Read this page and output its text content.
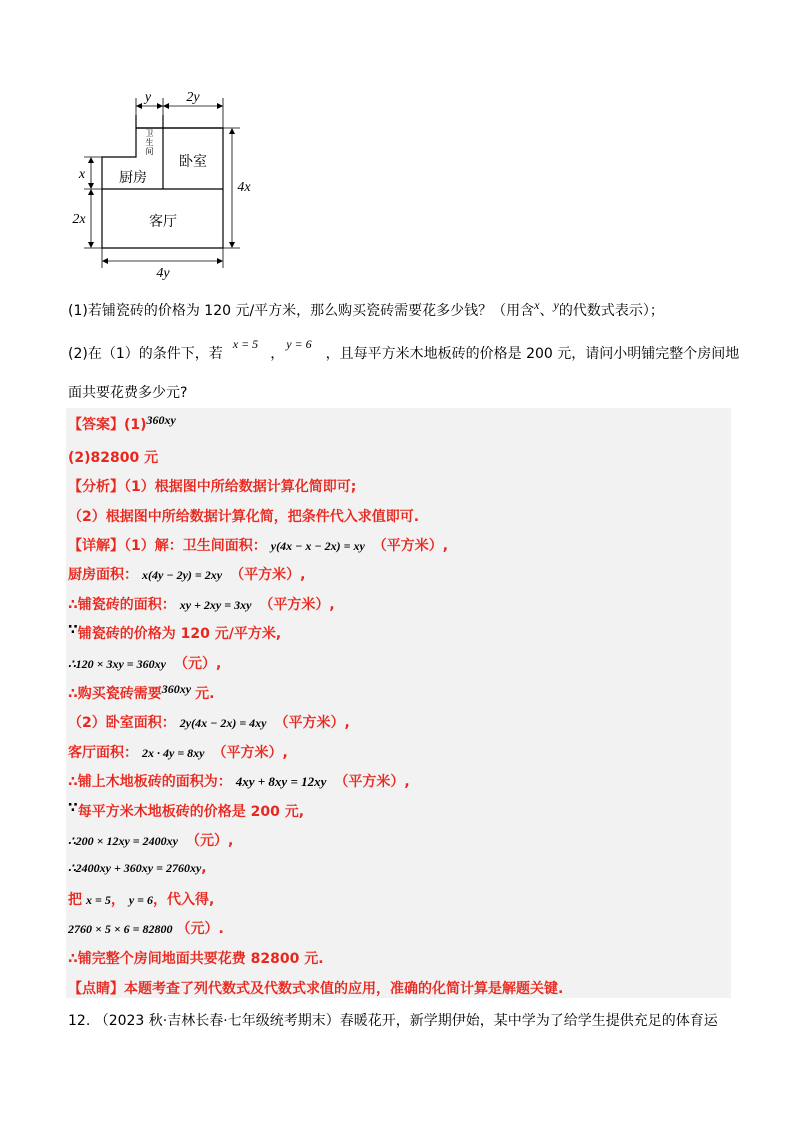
y	2y
x
2x
4x
4y
卫
生
间
厨房
卧室
客厅
(1)若铺瓷砖的价格为 120 元/平方米，那么购买瓷砖需要花多少钱？（用含x、y的代数式表示）；
(2)在（1）的条件下，若x = 5，y = 6，且每平方米木地板砖的价格是 200 元，请问小明铺完整个房间地
面共要花费多少元?
【答案】(1)360xy
(2)82800 元
【分析】（1）根据图中所给数据计算化简即可;
（2）根据图中所给数据计算化简，把条件代入求值即可.
【详解】（1）解：卫生间面积： y(4x − x − 2x) = xy （平方米）,
厨房面积： x(4y − 2y) = 2xy （平方米）,
∴铺瓷砖的面积： xy + 2xy = 3xy （平方米）,
∵铺瓷砖的价格为 120 元/平方米,
∴120 × 3xy = 360xy （元）,
∴购买瓷砖需要360xy 元.
（2）卧室面积： 2y(4x − 2x) = 4xy （平方米）,
客厅面积： 2x · 4y = 8xy （平方米）,
∴铺上木地板砖的面积为： 4xy + 8xy = 12xy （平方米）,
∵每平方米木地板砖的价格是 200 元,
∴200 × 12xy = 2400xy （元）,
∴2400xy + 360xy = 2760xy,
把 x = 5， y = 6，代入得,
2760 × 5 × 6 = 82800 （元）.
∴铺完整个房间地面共要花费 82800 元.
【点睛】本题考查了列代数式及代数式求值的应用，准确的化简计算是解题关键.
12. （2023 秋·吉林长春·七年级统考期末）春暖花开，新学期伊始，某中学为了给学生提供充足的体育运
